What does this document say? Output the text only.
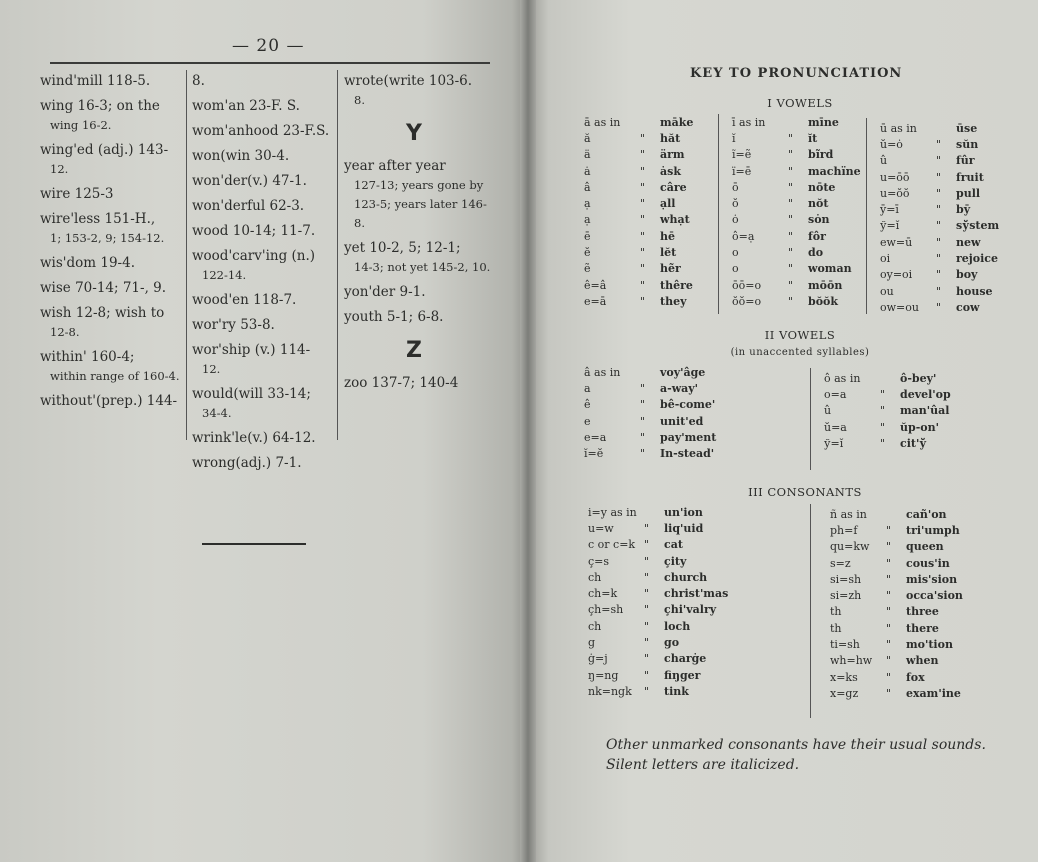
— 20 —
wind'mill 118-5.
wing 16-3; on the
wing 16-2.
wing'ed (adj.) 143-
12.
wire 125-3
wire'less 151-H.,
1; 153-2, 9; 154-12.
wis'dom 19-4.
wise 70-14; 71-, 9.
wish 12-8; wish to
12-8.
within' 160-4;
within range of 160-4.
without'(prep.) 144-
8.
wom'an 23-F. S.
wom'anhood 23-F.S.
won(win 30-4.
won'der(v.) 47-1.
won'derful 62-3.
wood 10-14; 11-7.
wood'carv'ing (n.)
122-14.
wood'en 118-7.
wor'ry 53-8.
wor'ship (v.) 114-
12.
would(will 33-14;
34-4.
wrink'le(v.) 64-12.
wrong(adj.) 7-1.
wrote(write 103-6.
8.
Y
year after year
127-13; years gone by 123-5; years later 146-8.
yet 10-2, 5; 12-1;
14-3; not yet 145-2, 10.
yon'der 9-1.
youth 5-1; 6-8.
Z
zoo 137-7; 140-4
KEY TO PRONUNCIATION
I VOWELS
ā as in	māke
ă	"	hăt
ä	"	ärm
ȧ	"	ȧsk
â	"	câre
ạ	"	ạll
ạ	"	whạt
ē	"	hē
ĕ	"	lĕt
ẽ	"	hẽr
ê=â	"	thêre
e=ā	"	they
ī as in	mīne
ĭ	"	ĭt
ĩ=ẽ	"	bĩrd
ï=ē	"	machïne
ō	"	nōte
ŏ	"	nŏt
ȯ	"	sȯn
ô=ạ	"	fôr
o	"	do
o	"	woman
ōō=o	"	mōōn
ŏŏ=o	"	bŏŏk
ū as in	ūse
ŭ=ȯ	"	sŭn
û	"	fûr
u=ōō	"	fruit
u=ŏŏ	"	pull
ȳ=ī	"	bȳ
ў=ĭ	"	sўstem
ew=ū	"	new
oi	"	rejoice
oy=oi	"	boy
ou	"	house
ow=ou	"	cow
II VOWELS
(in unaccented syllables)
â as in	voy'âge
a	"	a-way'
ê	"	bê-come'
e	"	unit'ed
e=a	"	pay'ment
ĭ=ĕ	"	In-stead'
ô as in	ô-bey'
o=a	"	devel'op
û	"	man'ûal
ŭ=a	"	ŭp-on'
ў=ĭ	"	cit'ў
III CONSONANTS
i=y as in	un'ion
u=w	"	liq'uid
c or c=k "	cat
ç=s	"	çity
ch	"	church
ch=k	"	christ'mas
çh=sh	"	çhi'valry
ch	"	loch
g	"	go
ġ=j	"	charġe
ŋ=ng	"	fiŋger
nk=ngk	"	tink
ñ as in	cañ'on
ph=f	"	tri'umph
qu=kw	"	queen
s=z	"	cous'in
si=sh	"	mis'sion
si=zh	"	occa'sion
th	"	three
th	"	there
ti=sh	"	mo'tion
wh=hw	"	when
x=ks	"	fox
x=gz	"	exam'ine
Other unmarked consonants have their usual sounds.
Silent letters are italicized.
